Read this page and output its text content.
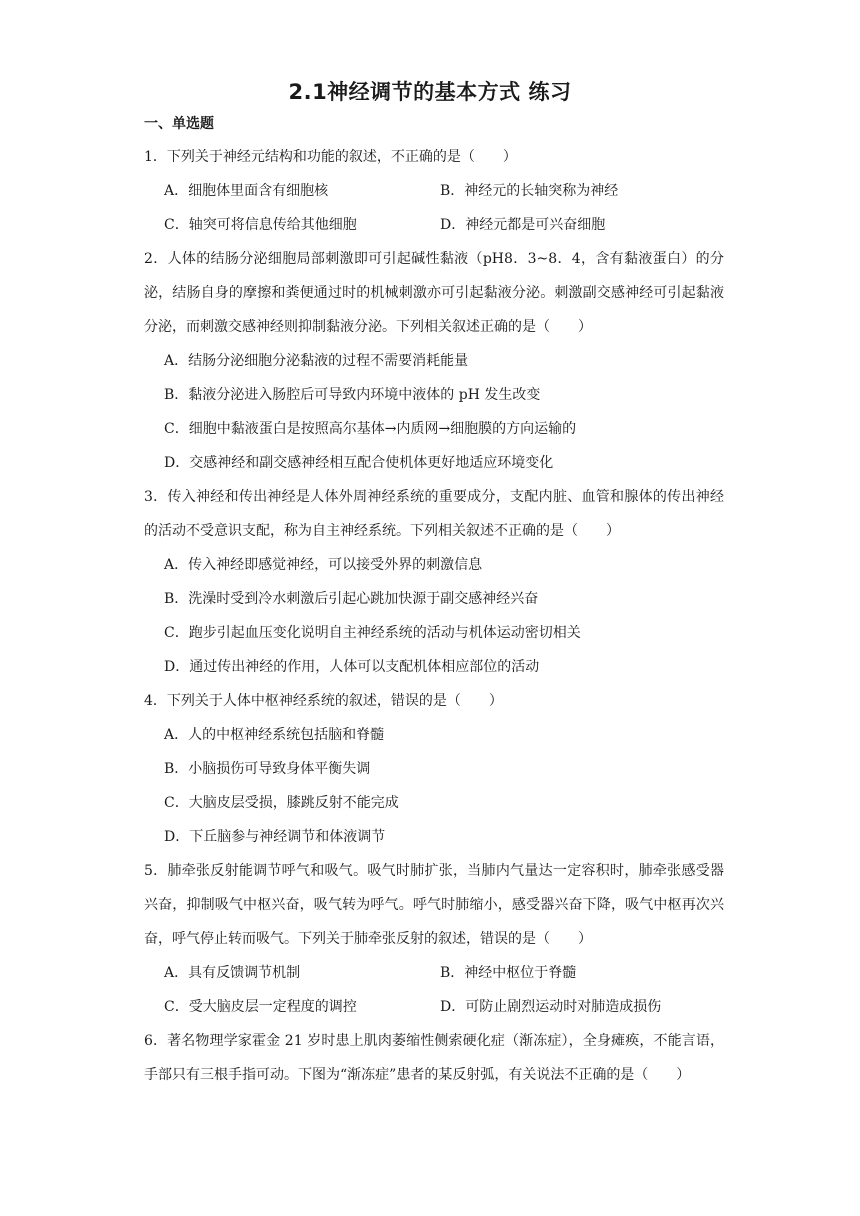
2.1神经调节的基本方式 练习
一、单选题

1．下列关于神经元结构和功能的叙述，不正确的是（　　）

A．细胞体里面含有细胞核	B．神经元的长轴突称为神经
C．轴突可将信息传给其他细胞	D．神经元都是可兴奋细胞

2．人体的结肠分泌细胞局部刺激即可引起碱性黏液（pH8．3~8．4，含有黏液蛋白）的分泌，结肠自身的摩擦和粪便通过时的机械刺激亦可引起黏液分泌。刺激副交感神经可引起黏液分泌，而刺激交感神经则抑制黏液分泌。下列相关叙述正确的是（　　）

A．结肠分泌细胞分泌黏液的过程不需要消耗能量

B．黏液分泌进入肠腔后可导致内环境中液体的 pH 发生改变

C．细胞中黏液蛋白是按照高尔基体→内质网→细胞膜的方向运输的

D．交感神经和副交感神经相互配合使机体更好地适应环境变化

3．传入神经和传出神经是人体外周神经系统的重要成分，支配内脏、血管和腺体的传出神经的活动不受意识支配，称为自主神经系统。下列相关叙述不正确的是（　　）

A．传入神经即感觉神经，可以接受外界的刺激信息

B．洗澡时受到冷水刺激后引起心跳加快源于副交感神经兴奋

C．跑步引起血压变化说明自主神经系统的活动与机体运动密切相关

D．通过传出神经的作用，人体可以支配机体相应部位的活动

4．下列关于人体中枢神经系统的叙述，错误的是（　　）

A．人的中枢神经系统包括脑和脊髓

B．小脑损伤可导致身体平衡失调

C．大脑皮层受损，膝跳反射不能完成

D．下丘脑参与神经调节和体液调节

5．肺牵张反射能调节呼气和吸气。吸气时肺扩张，当肺内气量达一定容积时，肺牵张感受器兴奋，抑制吸气中枢兴奋，吸气转为呼气。呼气时肺缩小，感受器兴奋下降，吸气中枢再次兴奋，呼气停止转而吸气。下列关于肺牵张反射的叙述，错误的是（　　）

A．具有反馈调节机制	B．神经中枢位于脊髓
C．受大脑皮层一定程度的调控	D．可防止剧烈运动时对肺造成损伤

6．著名物理学家霍金 21 岁时患上肌肉萎缩性侧索硬化症（渐冻症），全身瘫痪，不能言语，手部只有三根手指可动。下图为“渐冻症”患者的某反射弧，有关说法不正确的是（　　）
